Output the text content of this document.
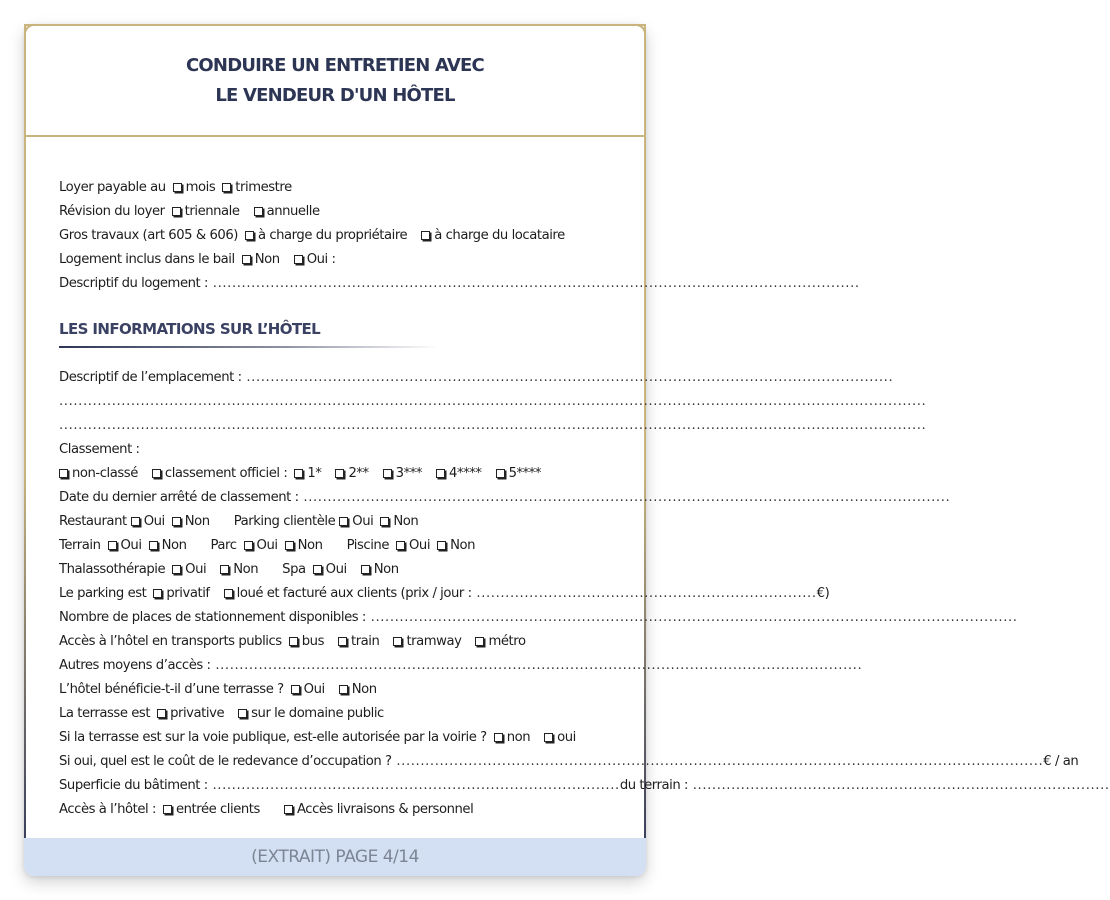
CONDUIRE UN ENTRETIEN AVEC
LE VENDEUR D'UN HÔTEL
Loyer payable au	mois	trimestre
Révision du loyer	triennale	annuelle
Gros travaux (art 605 & 606)	à charge du propriétaire	à charge du locataire
Logement inclus dans le bail	Non	Oui :
Descriptif du logement : .......................................................................................................................................
LES INFORMATIONS SUR L’HÔTEL
Descriptif de l’emplacement : .......................................................................................................................................
.....................................................................................................................................................................................
.....................................................................................................................................................................................
Classement :
non-classé	classement officiel :	1*	2**	3***	4****	5****
Date du dernier arrêté de classement : .......................................................................................................................................
Restaurant	Oui	Non Parking clientèle	Oui	Non
Terrain	Oui	Non Parc	Oui	Non Piscine	Oui	Non
Thalassothérapie	Oui	Non Spa	Oui	Non
Le parking est	privatif	loué et facturé aux clients (prix / jour : ....................................................................... €)
Nombre de places de stationnement disponibles : .......................................................................................................................................
Accès à l’hôtel en transports publics	bus	train	tramway	métro
Autres moyens d’accès : .......................................................................................................................................
L’hôtel bénéficie-t-il d’une terrasse ?	Oui	Non
La terrasse est	privative	sur le domaine public
Si la terrasse est sur la voie publique, est-elle autorisée par la voirie ?	non	oui
Si oui, quel est le coût de le redevance d’occupation ? ....................................................................................................................................... € / an
Superficie du bâtiment : ..................................................................................... du terrain : .......................................................................................
Accès à l’hôtel :	entrée clients	Accès livraisons & personnel
(EXTRAIT) PAGE 4/14
